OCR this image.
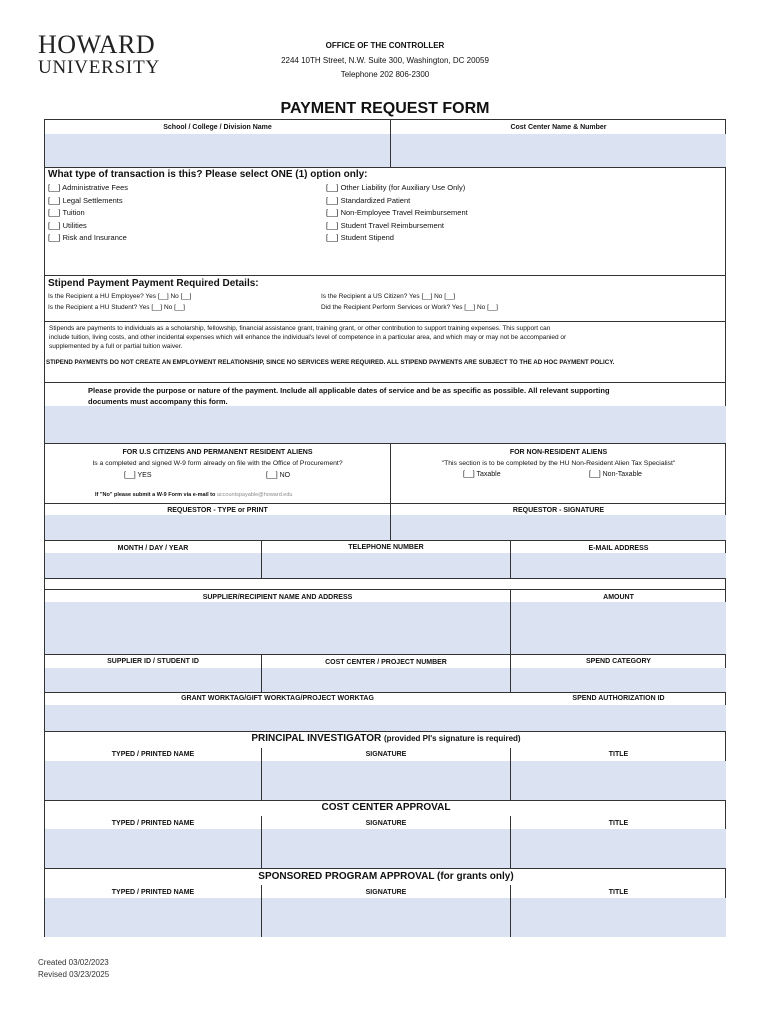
HOWARD
UNIVERSITY
OFFICE OF THE CONTROLLER
2244 10TH Street, N.W. Suite 300, Washington, DC 20059
Telephone 202 806-2300
PAYMENT REQUEST FORM
School / College / Division Name	Cost Center Name & Number
What type of transaction is this? Please select ONE (1) option only:
[__] Administrative Fees
[__] Legal Settlements
[__] Tuition
[__] Utilities
[__] Risk and Insurance
[__] Other Liability (for Auxiliary Use Only)
[__] Standardized Patient
[__] Non-Employee Travel Reimbursement
[__] Student Travel Reimbursement
[__] Student Stipend
Stipend Payment Payment Required Details:
Is the Recipient a HU Employee? Yes [__] No [__]
Is the Recipient a HU Student? Yes [__] No [__]
Is the Recipient a US Citizen? Yes [__] No [__]
Did the Recipient Perform Services or Work? Yes [__] No [__]
Stipends are payments to individuals as a scholarship, fellowship, financial assistance grant, training grant, or other contribution to support training expenses. This support can
include tuition, living costs, and other incidental expenses which will enhance the individual's level of competence in a particular area, and which may or may not be accompanied or
supplemented by a full or partial tuition waiver.
STIPEND PAYMENTS DO NOT CREATE AN EMPLOYMENT RELATIONSHIP, SINCE NO SERVICES WERE REQUIRED. ALL STIPEND PAYMENTS ARE SUBJECT TO THE AD HOC PAYMENT POLICY.
Please provide the purpose or nature of the payment. Include all applicable dates of service and be as specific as possible. All relevant supporting
documents must accompany this form.
FOR U.S CITIZENS AND PERMANENT RESIDENT ALIENS
Is a completed and signed W-9 form already on file with the Office of Procurement?
[__] YES	[__] NO
If "No" please submit a W-9 Form via e-mail to accountspayable@howard.edu
FOR NON-RESIDENT ALIENS
"This section is to be completed by the HU Non-Resident Alien Tax Specialist"
[__] Taxable	[__] Non-Taxable
REQUESTOR - TYPE or PRINT	REQUESTOR - SIGNATURE
MONTH / DAY / YEAR	TELEPHONE NUMBER	E-MAIL ADDRESS
SUPPLIER/RECIPIENT NAME AND ADDRESS	AMOUNT
SUPPLIER ID / STUDENT ID	COST CENTER / PROJECT NUMBER	SPEND CATEGORY
GRANT WORKTAG/GIFT WORKTAG/PROJECT WORKTAG	SPEND AUTHORIZATION ID
PRINCIPAL INVESTIGATOR (provided PI's signature is required)
TYPED / PRINTED NAME	SIGNATURE	TITLE
COST CENTER APPROVAL
TYPED / PRINTED NAME	SIGNATURE	TITLE
SPONSORED PROGRAM APPROVAL (for grants only)
TYPED / PRINTED NAME	SIGNATURE	TITLE
Created 03/02/2023
Revised 03/23/2025
